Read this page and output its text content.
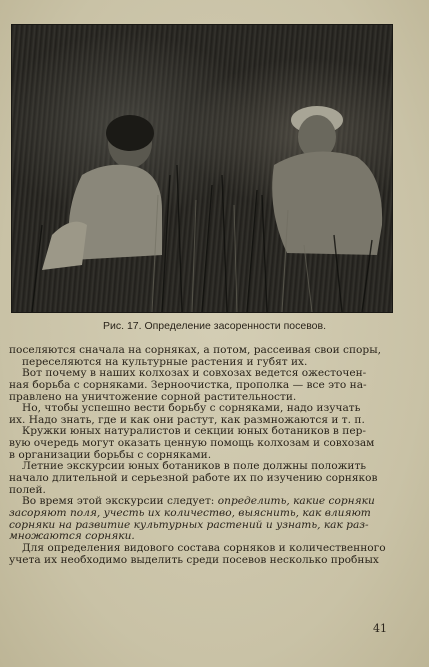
Рис. 17. Определение засоренности посевов.
поселяются сначала на сорняках, а потом, рассеивая свои споры,
переселяются на культурные растения и губят их.
Вот почему в наших колхозах и совхозах ведется ожесточен-
ная борьба с сорняками. Зерноочистка, прополка — все это на-
правлено на уничтожение сорной растительности.
Но, чтобы успешно вести борьбу с сорняками, надо изучать
их. Надо знать, где и как они растут, как размножаются и т. п.
Кружки юных натуралистов и секции юных ботаников в пер-
вую очередь могут оказать ценную помощь колхозам и совхозам
в организации борьбы с сорняками.
Летние экскурсии юных ботаников в поле должны положить
начало длительной и серьезной работе их по изучению сорняков
полей.
Во время этой экскурсии следует: определить, какие сорняки
засоряют поля, учесть их количество, выяснить, как влияют
сорняки на развитие культурных растений и узнать, как раз-
множаются сорняки.
Для определения видового состава сорняков и количественного
учета их необходимо выделить среди посевов несколько пробных
41
